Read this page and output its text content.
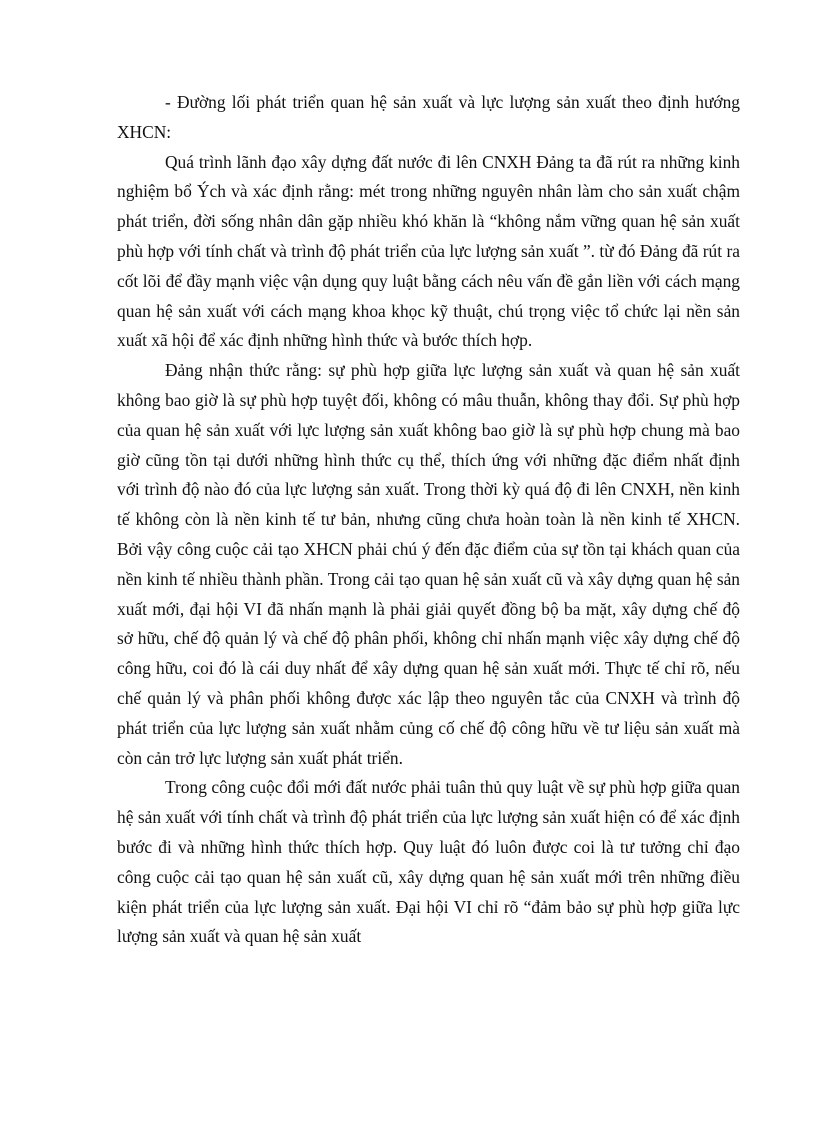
- Đường lối phát triển quan hệ sản xuất và lực lượng sản xuất theo định hướng XHCN:

Quá trình lãnh đạo xây dựng đất nước đi lên CNXH Đảng ta đã rút ra những kinh nghiệm bổ Ých và xác định rằng: mét trong những nguyên nhân làm cho sản xuất chậm phát triển, đời sống nhân dân gặp nhiều khó khăn là “không nắm vững quan hệ sản xuất phù hợp với tính chất và trình độ phát triển của lực lượng sản xuất ”. từ đó Đảng đã rút ra cốt lõi để đầy mạnh việc vận dụng quy luật bằng cách nêu vấn đề gắn liền với cách mạng quan hệ sản xuất với cách mạng khoa khọc kỹ thuật, chú trọng việc tổ chức lại nền sản xuất xã hội để xác định những hình thức và bước thích hợp.

Đảng nhận thức rằng: sự phù hợp giữa lực lượng sản xuất và quan hệ sản xuất không bao giờ là sự phù hợp tuyệt đối, không có mâu thuẫn, không thay đổi. Sự phù hợp của quan hệ sản xuất với lực lượng sản xuất không bao giờ là sự phù hợp chung mà bao giờ cũng tồn tại dưới những hình thức cụ thể, thích ứng với những đặc điểm nhất định với trình độ nào đó của lực lượng sản xuất. Trong thời kỳ quá độ đi lên CNXH, nền kinh tế không còn là nền kinh tế tư bản, nhưng cũng chưa hoàn toàn là nền kinh tế XHCN. Bởi vậy công cuộc cải tạo XHCN phải chú ý đến đặc điểm của sự tồn tại khách quan của nền kinh tế nhiều thành phần. Trong cải tạo quan hệ sản xuất cũ và xây dựng quan hệ sản xuất mới, đại hội VI đã nhấn mạnh là phải giải quyết đồng bộ ba mặt, xây dựng chế độ sở hữu, chế độ quản lý và chế độ phân phối, không chỉ nhấn mạnh việc xây dựng chế độ công hữu, coi đó là cái duy nhất để xây dựng quan hệ sản xuất mới. Thực tế chỉ rõ, nếu chế quản lý và phân phối không được xác lập theo nguyên tắc của CNXH và trình độ phát triển của lực lượng sản xuất nhằm củng cố chế độ công hữu về tư liệu sản xuất mà còn cản trở lực lượng sản xuất phát triển.

Trong công cuộc đổi mới đất nước phải tuân thủ quy luật về sự phù hợp giữa quan hệ sản xuất với tính chất và trình độ phát triển của lực lượng sản xuất hiện có để xác định bước đi và những hình thức thích hợp. Quy luật đó luôn được coi là tư tưởng chỉ đạo công cuộc cải tạo quan hệ sản xuất cũ, xây dựng quan hệ sản xuất mới trên những điều kiện phát triển của lực lượng sản xuất. Đại hội VI chỉ rõ “đảm bảo sự phù hợp giữa lực lượng sản xuất và quan hệ sản xuất
